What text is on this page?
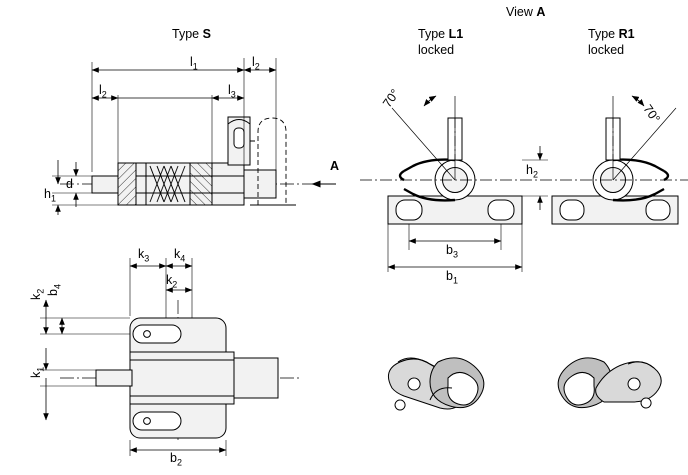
View A
Type S	Type L1
locked
Type R1
locked
$l_1$	$l_2$
$l_2$	$l_3$
d
$h_1$
A
$k_3$ $k_4$
$k_2$
$k_2$ $b_4$
$k_1$
$b_2$
70°
70°
$h_2$
$b_3$
$b_1$
